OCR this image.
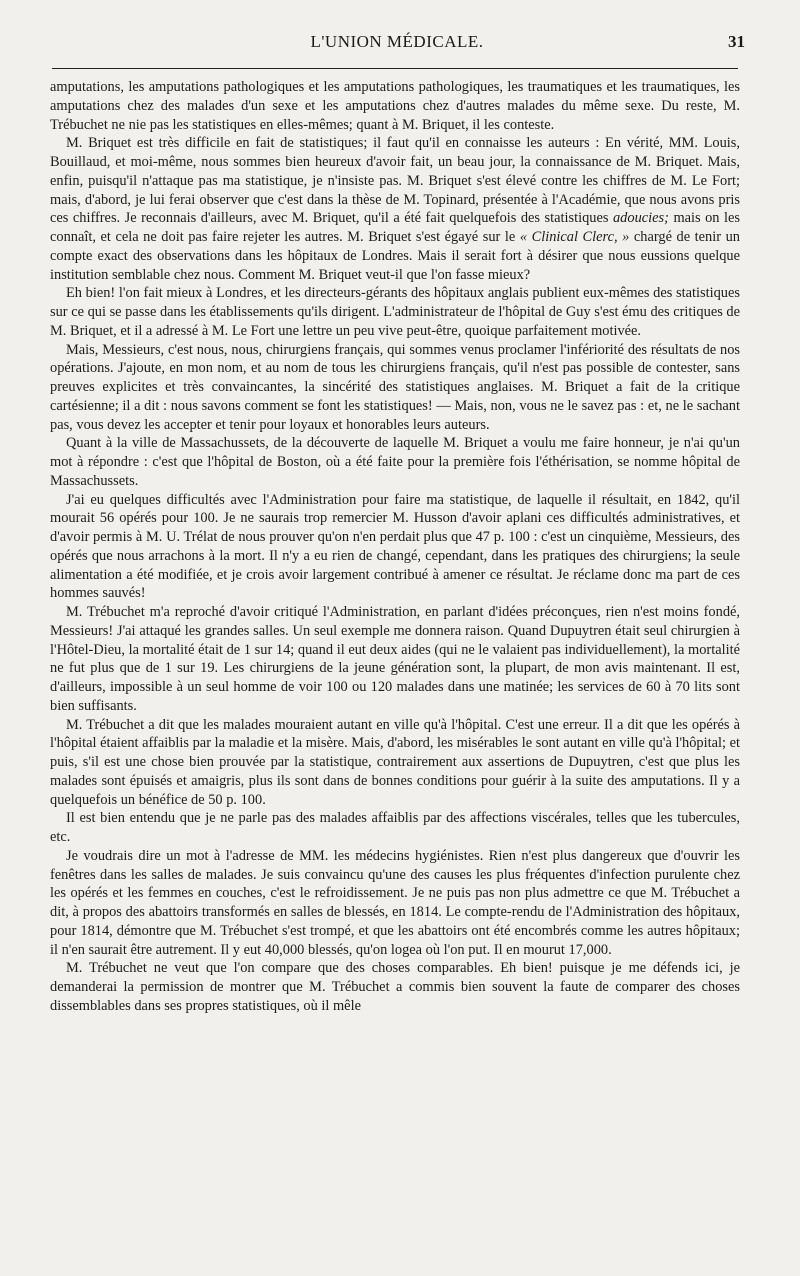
L'UNION MÉDICALE.	31

amputations, les amputations pathologiques et les amputations pathologiques, les traumatiques et les traumatiques, les amputations chez des malades d'un sexe et les amputations chez d'autres malades du même sexe. Du reste, M. Trébuchet ne nie pas les statistiques en elles-mêmes; quant à M. Briquet, il les conteste.

M. Briquet est très difficile en fait de statistiques; il faut qu'il en connaisse les auteurs : En vérité, MM. Louis, Bouillaud, et moi-même, nous sommes bien heureux d'avoir fait, un beau jour, la connaissance de M. Briquet. Mais, enfin, puisqu'il n'attaque pas ma statistique, je n'insiste pas. M. Briquet s'est élevé contre les chiffres de M. Le Fort; mais, d'abord, je lui ferai observer que c'est dans la thèse de M. Topinard, présentée à l'Académie, que nous avons pris ces chiffres. Je reconnais d'ailleurs, avec M. Briquet, qu'il a été fait quelquefois des statistiques adoucies; mais on les connaît, et cela ne doit pas faire rejeter les autres. M. Briquet s'est égayé sur le « Clinical Clerc, » chargé de tenir un compte exact des observations dans les hôpitaux de Londres. Mais il serait fort à désirer que nous eussions quelque institution semblable chez nous. Comment M. Briquet veut-il que l'on fasse mieux?

Eh bien! l'on fait mieux à Londres, et les directeurs-gérants des hôpitaux anglais publient eux-mêmes des statistiques sur ce qui se passe dans les établissements qu'ils dirigent. L'administrateur de l'hôpital de Guy s'est ému des critiques de M. Briquet, et il a adressé à M. Le Fort une lettre un peu vive peut-être, quoique parfaitement motivée.

Mais, Messieurs, c'est nous, nous, chirurgiens français, qui sommes venus proclamer l'infériorité des résultats de nos opérations. J'ajoute, en mon nom, et au nom de tous les chirurgiens français, qu'il n'est pas possible de contester, sans preuves explicites et très convaincantes, la sincérité des statistiques anglaises. M. Briquet a fait de la critique cartésienne; il a dit : nous savons comment se font les statistiques! — Mais, non, vous ne le savez pas : et, ne le sachant pas, vous devez les accepter et tenir pour loyaux et honorables leurs auteurs.

Quant à la ville de Massachussets, de la découverte de laquelle M. Briquet a voulu me faire honneur, je n'ai qu'un mot à répondre : c'est que l'hôpital de Boston, où a été faite pour la première fois l'éthérisation, se nomme hôpital de Massachussets.

J'ai eu quelques difficultés avec l'Administration pour faire ma statistique, de laquelle il résultait, en 1842, qu'il mourait 56 opérés pour 100. Je ne saurais trop remercier M. Husson d'avoir aplani ces difficultés administratives, et d'avoir permis à M. U. Trélat de nous prouver qu'on n'en perdait plus que 47 p. 100 : c'est un cinquième, Messieurs, des opérés que nous arrachons à la mort. Il n'y a eu rien de changé, cependant, dans les pratiques des chirurgiens; la seule alimentation a été modifiée, et je crois avoir largement contribué à amener ce résultat. Je réclame donc ma part de ces hommes sauvés!

M. Trébuchet m'a reproché d'avoir critiqué l'Administration, en parlant d'idées préconçues, rien n'est moins fondé, Messieurs! J'ai attaqué les grandes salles. Un seul exemple me donnera raison. Quand Dupuytren était seul chirurgien à l'Hôtel-Dieu, la mortalité était de 1 sur 14; quand il eut deux aides (qui ne le valaient pas individuellement), la mortalité ne fut plus que de 1 sur 19. Les chirurgiens de la jeune génération sont, la plupart, de mon avis maintenant. Il est, d'ailleurs, impossible à un seul homme de voir 100 ou 120 malades dans une matinée; les services de 60 à 70 lits sont bien suffisants.

M. Trébuchet a dit que les malades mouraient autant en ville qu'à l'hôpital. C'est une erreur. Il a dit que les opérés à l'hôpital étaient affaiblis par la maladie et la misère. Mais, d'abord, les misérables le sont autant en ville qu'à l'hôpital; et puis, s'il est une chose bien prouvée par la statistique, contrairement aux assertions de Dupuytren, c'est que plus les malades sont épuisés et amaigris, plus ils sont dans de bonnes conditions pour guérir à la suite des amputations. Il y a quelquefois un bénéfice de 50 p. 100.

Il est bien entendu que je ne parle pas des malades affaiblis par des affections viscérales, telles que les tubercules, etc.

Je voudrais dire un mot à l'adresse de MM. les médecins hygiénistes. Rien n'est plus dangereux que d'ouvrir les fenêtres dans les salles de malades. Je suis convaincu qu'une des causes les plus fréquentes d'infection purulente chez les opérés et les femmes en couches, c'est le refroidissement. Je ne puis pas non plus admettre ce que M. Trébuchet a dit, à propos des abattoirs transformés en salles de blessés, en 1814. Le compte-rendu de l'Administration des hôpitaux, pour 1814, démontre que M. Trébuchet s'est trompé, et que les abattoirs ont été encombrés comme les autres hôpitaux; il n'en saurait être autrement. Il y eut 40,000 blessés, qu'on logea où l'on put. Il en mourut 17,000.

M. Trébuchet ne veut que l'on compare que des choses comparables. Eh bien! puisque je me défends ici, je demanderai la permission de montrer que M. Trébuchet a commis bien souvent la faute de comparer des choses dissemblables dans ses propres statistiques, où il mêle
